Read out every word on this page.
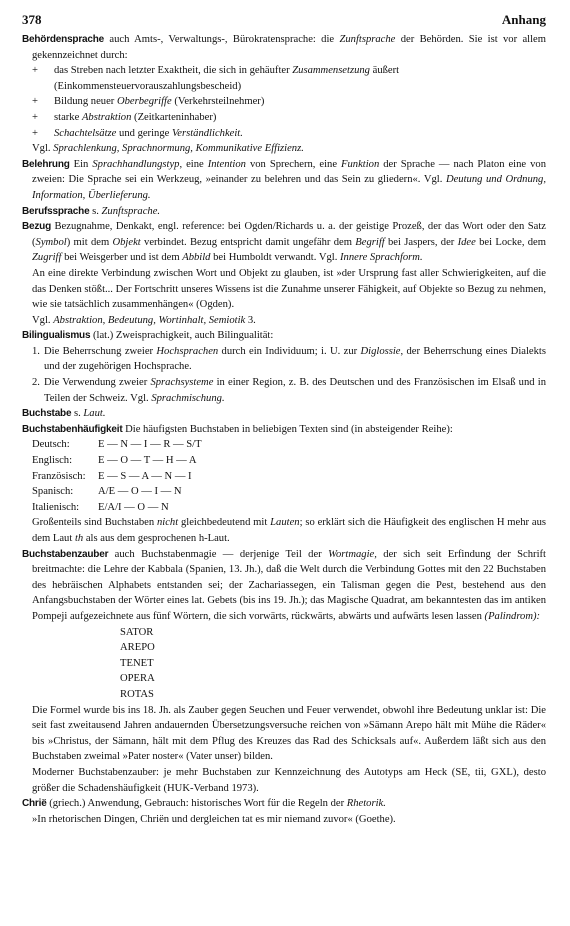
378	Anhang
Behördensprache auch Amts-, Verwaltungs-, Bürokratensprache: die Zunftsprache der Behörden. Sie ist vor allem gekennzeichnet durch:
+	das Streben nach letzter Exaktheit, die sich in gehäufter Zusammensetzung äußert
(Einkommensteuervorauszahlungsbescheid)
+	Bildung neuer Oberbegriffe (Verkehrsteilnehmer)
+	starke Abstraktion (Zeitkarteninhaber)
+	Schachtelsätze und geringe Verständlichkeit.
Vgl. Sprachlenkung, Sprachnormung, Kommunikative Effizienz.
Belehrung Ein Sprachhandlungstyp, eine Intention von Sprechern, eine Funktion der Sprache — nach Platon eine von zweien: Die Sprache sei ein Werkzeug, »einander zu belehren und das Sein zu gliedern«. Vgl. Deutung und Ordnung, Information, Überlieferung.
Berufssprache s. Zunftsprache.
Bezug Bezugnahme, Denkakt, engl. reference: bei Ogden/Richards u. a. der geistige Prozeß, der das Wort oder den Satz (Symbol) mit dem Objekt verbindet. Bezug entspricht damit ungefähr dem Begriff bei Jaspers, der Idee bei Locke, dem Zugriff bei Weisgerber und ist dem Abbild bei Humboldt verwandt. Vgl. Innere Sprachform.
An eine direkte Verbindung zwischen Wort und Objekt zu glauben, ist »der Ursprung fast aller Schwierigkeiten, auf die das Denken stößt... Der Fortschritt unseres Wissens ist die Zunahme unserer Fähigkeit, auf Objekte so Bezug zu nehmen, wie sie tatsächlich zusammenhängen« (Ogden).
Vgl. Abstraktion, Bedeutung, Wortinhalt, Semiotik 3.
Bilingualismus (lat.) Zweisprachigkeit, auch Bilingualität:
1. Die Beherrschung zweier Hochsprachen durch ein Individuum; i. U. zur Diglossie, der Beherrschung eines Dialekts und der zugehörigen Hochsprache.
2. Die Verwendung zweier Sprachsysteme in einer Region, z. B. des Deutschen und des Französischen im Elsaß und in Teilen der Schweiz. Vgl. Sprachmischung.
Buchstabe s. Laut.
Buchstabenhäufigkeit Die häufigsten Buchstaben in beliebigen Texten sind (in absteigender Reihe):
Deutsch:	E — N — I — R — S/T
Englisch:	E — O — T — H — A
Französisch:	E — S — A — N — I
Spanisch:	A/E — O — I — N
Italienisch:	E/A/I — O — N
Großenteils sind Buchstaben nicht gleichbedeutend mit Lauten; so erklärt sich die Häufigkeit des englischen H mehr aus dem Laut th als aus dem gesprochenen h-Laut.
Buchstabenzauber auch Buchstabenmagie — derjenige Teil der Wortmagie, der sich seit Erfindung der Schrift breitmachte: die Lehre der Kabbala (Spanien, 13. Jh.), daß die Welt durch die Verbindung Gottes mit den 22 Buchstaben des hebräischen Alphabets entstanden sei; der Zachariassegen, ein Talisman gegen die Pest, bestehend aus den Anfangsbuchstaben der Wörter eines lat. Gebets (bis ins 19. Jh.); das Magische Quadrat, am bekanntesten das im antiken Pompeji aufgezeichnete aus fünf Wörtern, die sich vorwärts, rückwärts, abwärts und aufwärts lesen lassen (Palindrom):
SATOR
AREPO
TENET
OPERA
ROTAS
Die Formel wurde bis ins 18. Jh. als Zauber gegen Seuchen und Feuer verwendet, obwohl ihre Bedeutung unklar ist: Die seit fast zweitausend Jahren andauernden Übersetzungsversuche reichen von »Sämann Arepo hält mit Mühe die Räder« bis »Christus, der Sämann, hält mit dem Pflug des Kreuzes das Rad des Schicksals auf«. Außerdem läßt sich aus den Buchstaben zweimal »Pater noster« (Vater unser) bilden.
Moderner Buchstabenzauber: je mehr Buchstaben zur Kennzeichnung des Autotyps am Heck (SE, tii, GXL), desto größer die Schadenshäufigkeit (HUK-Verband 1973).
Chrië (griech.) Anwendung, Gebrauch: historisches Wort für die Regeln der Rhetorik.
»In rhetorischen Dingen, Chriën und dergleichen tat es mir niemand zuvor« (Goethe).
